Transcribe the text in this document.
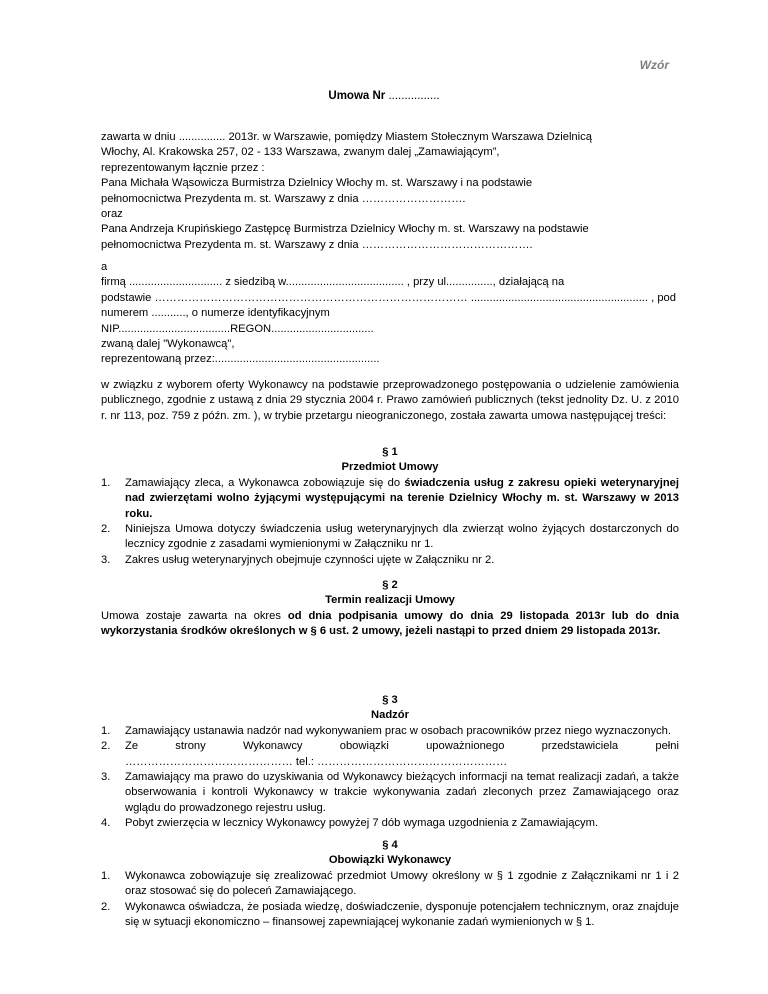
Wzór
Umowa Nr ................

zawarta w dniu ............... 2013r. w Warszawie, pomiędzy Miastem Stołecznym Warszawa Dzielnicą

Włochy, Al. Krakowska 257, 02 - 133 Warszawa, zwanym dalej „Zamawiającym”,

reprezentowanym łącznie przez :

Pana Michała Wąsowicza Burmistrza Dzielnicy Włochy m. st. Warszawy i na podstawie

pełnomocnictwa Prezydenta m. st. Warszawy z dnia ……………………….

oraz

Pana Andrzeja Krupińskiego Zastępcę Burmistrza Dzielnicy Włochy m. st. Warszawy na podstawie

pełnomocnictwa Prezydenta m. st. Warszawy z dnia ……………………………………….

a

firmą .............................. z siedzibą w...................................... , przy ul..............., działającą na

podstawie ………………………………………………………………………… ......................................................... , pod

numerem ..........., o numerze identyfikacyjnym

NIP....................................REGON.................................

zwaną dalej "Wykonawcą",

reprezentowaną przez:.....................................................

w związku z wyborem oferty Wykonawcy na podstawie przeprowadzonego postępowania o udzielenie zamówienia publicznego, zgodnie z ustawą z dnia 29 stycznia 2004 r. Prawo zamówień publicznych (tekst jednolity Dz. U. z 2010 r. nr 113, poz. 759 z późn. zm. ), w trybie przetargu nieograniczonego, została zawarta umowa następującej treści:

§ 1

Przedmiot Umowy

1. Zamawiający zleca, a Wykonawca zobowiązuje się do świadczenia usług z zakresu opieki weterynaryjnej nad zwierzętami wolno żyjącymi występującymi na terenie Dzielnicy Włochy m. st. Warszawy w 2013 roku.
2. Niniejsza Umowa dotyczy świadczenia usług weterynaryjnych dla zwierząt wolno żyjących dostarczonych do lecznicy zgodnie z zasadami wymienionymi w Załączniku nr 1.
3. Zakres usług weterynaryjnych obejmuje czynności ujęte w Załączniku nr 2.

§ 2

Termin realizacji Umowy

Umowa zostaje zawarta na okres od dnia podpisania umowy do dnia 29 listopada 2013r lub do dnia wykorzystania środków określonych w § 6 ust. 2 umowy, jeżeli nastąpi to przed dniem 29 listopada 2013r.

§ 3

Nadzór

1. Zamawiający ustanawia nadzór nad wykonywaniem prac w osobach pracowników przez niego wyznaczonych.
2. Ze	strony	Wykonawcy	obowiązki	upoważnionego	przedstawiciela	pełni

……………………………………… tel.: ……………………………………………

3. Zamawiający ma prawo do uzyskiwania od Wykonawcy bieżących informacji na temat realizacji zadań, a także obserwowania i kontroli Wykonawcy w trakcie wykonywania zadań zleconych przez Zamawiającego oraz wglądu do prowadzonego rejestru usług.
4. Pobyt zwierzęcia w lecznicy Wykonawcy powyżej 7 dób wymaga uzgodnienia z Zamawiającym.

§ 4

Obowiązki Wykonawcy

1. Wykonawca zobowiązuje się zrealizować przedmiot Umowy określony w § 1 zgodnie z Załącznikami nr 1 i 2 oraz stosować się do poleceń Zamawiającego.
2. Wykonawca oświadcza, że posiada wiedzę, doświadczenie, dysponuje potencjałem technicznym, oraz znajduje się w sytuacji ekonomiczno – finansowej zapewniającej wykonanie zadań wymienionych w § 1.
